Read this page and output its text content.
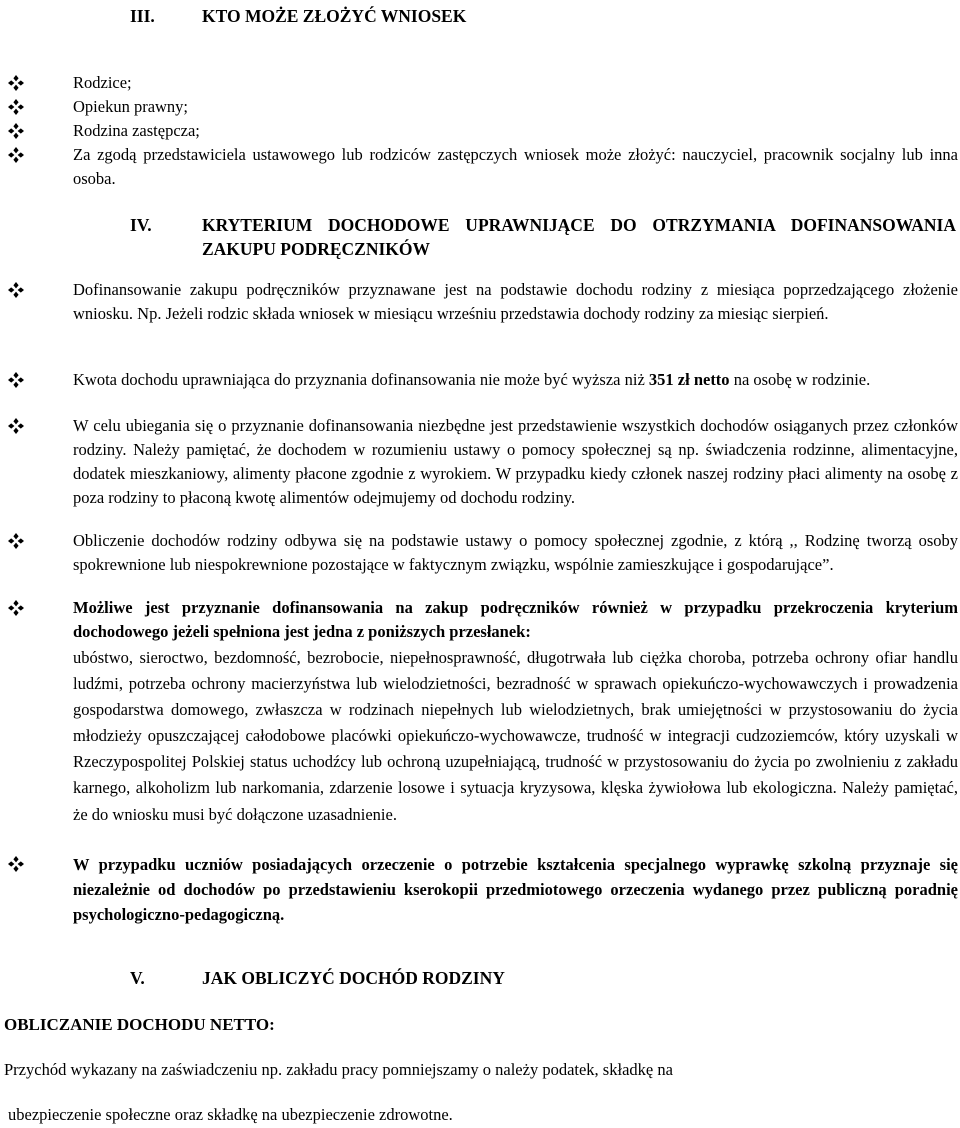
III.	KTO MOŻE ZŁOŻYĆ WNIOSEK
Rodzice;
Opiekun prawny;
Rodzina zastępcza;
Za zgodą przedstawiciela ustawowego lub rodziców zastępczych wniosek może złożyć: nauczyciel, pracownik socjalny lub inna osoba.
IV.	KRYTERIUM DOCHODOWE UPRAWNIJĄCE DO OTRZYMANIA DOFINANSOWANIA ZAKUPU PODRĘCZNIKÓW
Dofinansowanie zakupu podręczników przyznawane jest na podstawie dochodu rodziny z miesiąca poprzedzającego złożenie wniosku. Np. Jeżeli rodzic składa wniosek w miesiącu wrześniu przedstawia dochody rodziny za miesiąc sierpień.
Kwota dochodu uprawniająca do przyznania dofinansowania nie może być wyższa niż 351 zł netto na osobę w rodzinie.
W celu ubiegania się o przyznanie dofinansowania niezbędne jest przedstawienie wszystkich dochodów osiąganych przez członków rodziny. Należy pamiętać, że dochodem w rozumieniu ustawy o pomocy społecznej są np. świadczenia rodzinne, alimentacyjne, dodatek mieszkaniowy, alimenty płacone zgodnie z wyrokiem. W przypadku kiedy członek naszej rodziny płaci alimenty na osobę z poza rodziny to płaconą kwotę alimentów odejmujemy od dochodu rodziny.
Obliczenie dochodów rodziny odbywa się na podstawie ustawy o pomocy społecznej zgodnie, z którą ,, Rodzinę tworzą osoby spokrewnione lub niespokrewnione pozostające w faktycznym związku, wspólnie zamieszkujące i gospodarujące”.
Możliwe jest przyznanie dofinansowania na zakup podręczników również w przypadku przekroczenia kryterium dochodowego jeżeli spełniona jest jedna z poniższych przesłanek:
ubóstwo, sieroctwo, bezdomność, bezrobocie, niepełnosprawność, długotrwała lub ciężka choroba, potrzeba ochrony ofiar handlu ludźmi, potrzeba ochrony macierzyństwa lub wielodzietności, bezradność w sprawach opiekuńczo-wychowawczych i prowadzenia gospodarstwa domowego, zwłaszcza w rodzinach niepełnych lub wielodzietnych, brak umiejętności w przystosowaniu do życia młodzieży opuszczającej całodobowe placówki opiekuńczo-wychowawcze, trudność w integracji cudzoziemców, który uzyskali w Rzeczypospolitej Polskiej status uchodźcy lub ochroną uzupełniającą, trudność w przystosowaniu do życia po zwolnieniu z zakładu karnego, alkoholizm lub narkomania, zdarzenie losowe i sytuacja kryzysowa, klęska żywiołowa lub ekologiczna. Należy pamiętać, że do wniosku musi być dołączone uzasadnienie.
W przypadku uczniów posiadających orzeczenie o potrzebie kształcenia specjalnego wyprawkę szkolną przyznaje się niezależnie od dochodów po przedstawieniu kserokopii przedmiotowego orzeczenia wydanego przez publiczną poradnię psychologiczno-pedagogiczną.
V.	JAK OBLICZYĆ DOCHÓD RODZINY
OBLICZANIE DOCHODU NETTO:
Przychód wykazany na zaświadczeniu np. zakładu pracy pomniejszamy o należy podatek, składkę na
ubezpieczenie społeczne oraz składkę na ubezpieczenie zdrowotne.
